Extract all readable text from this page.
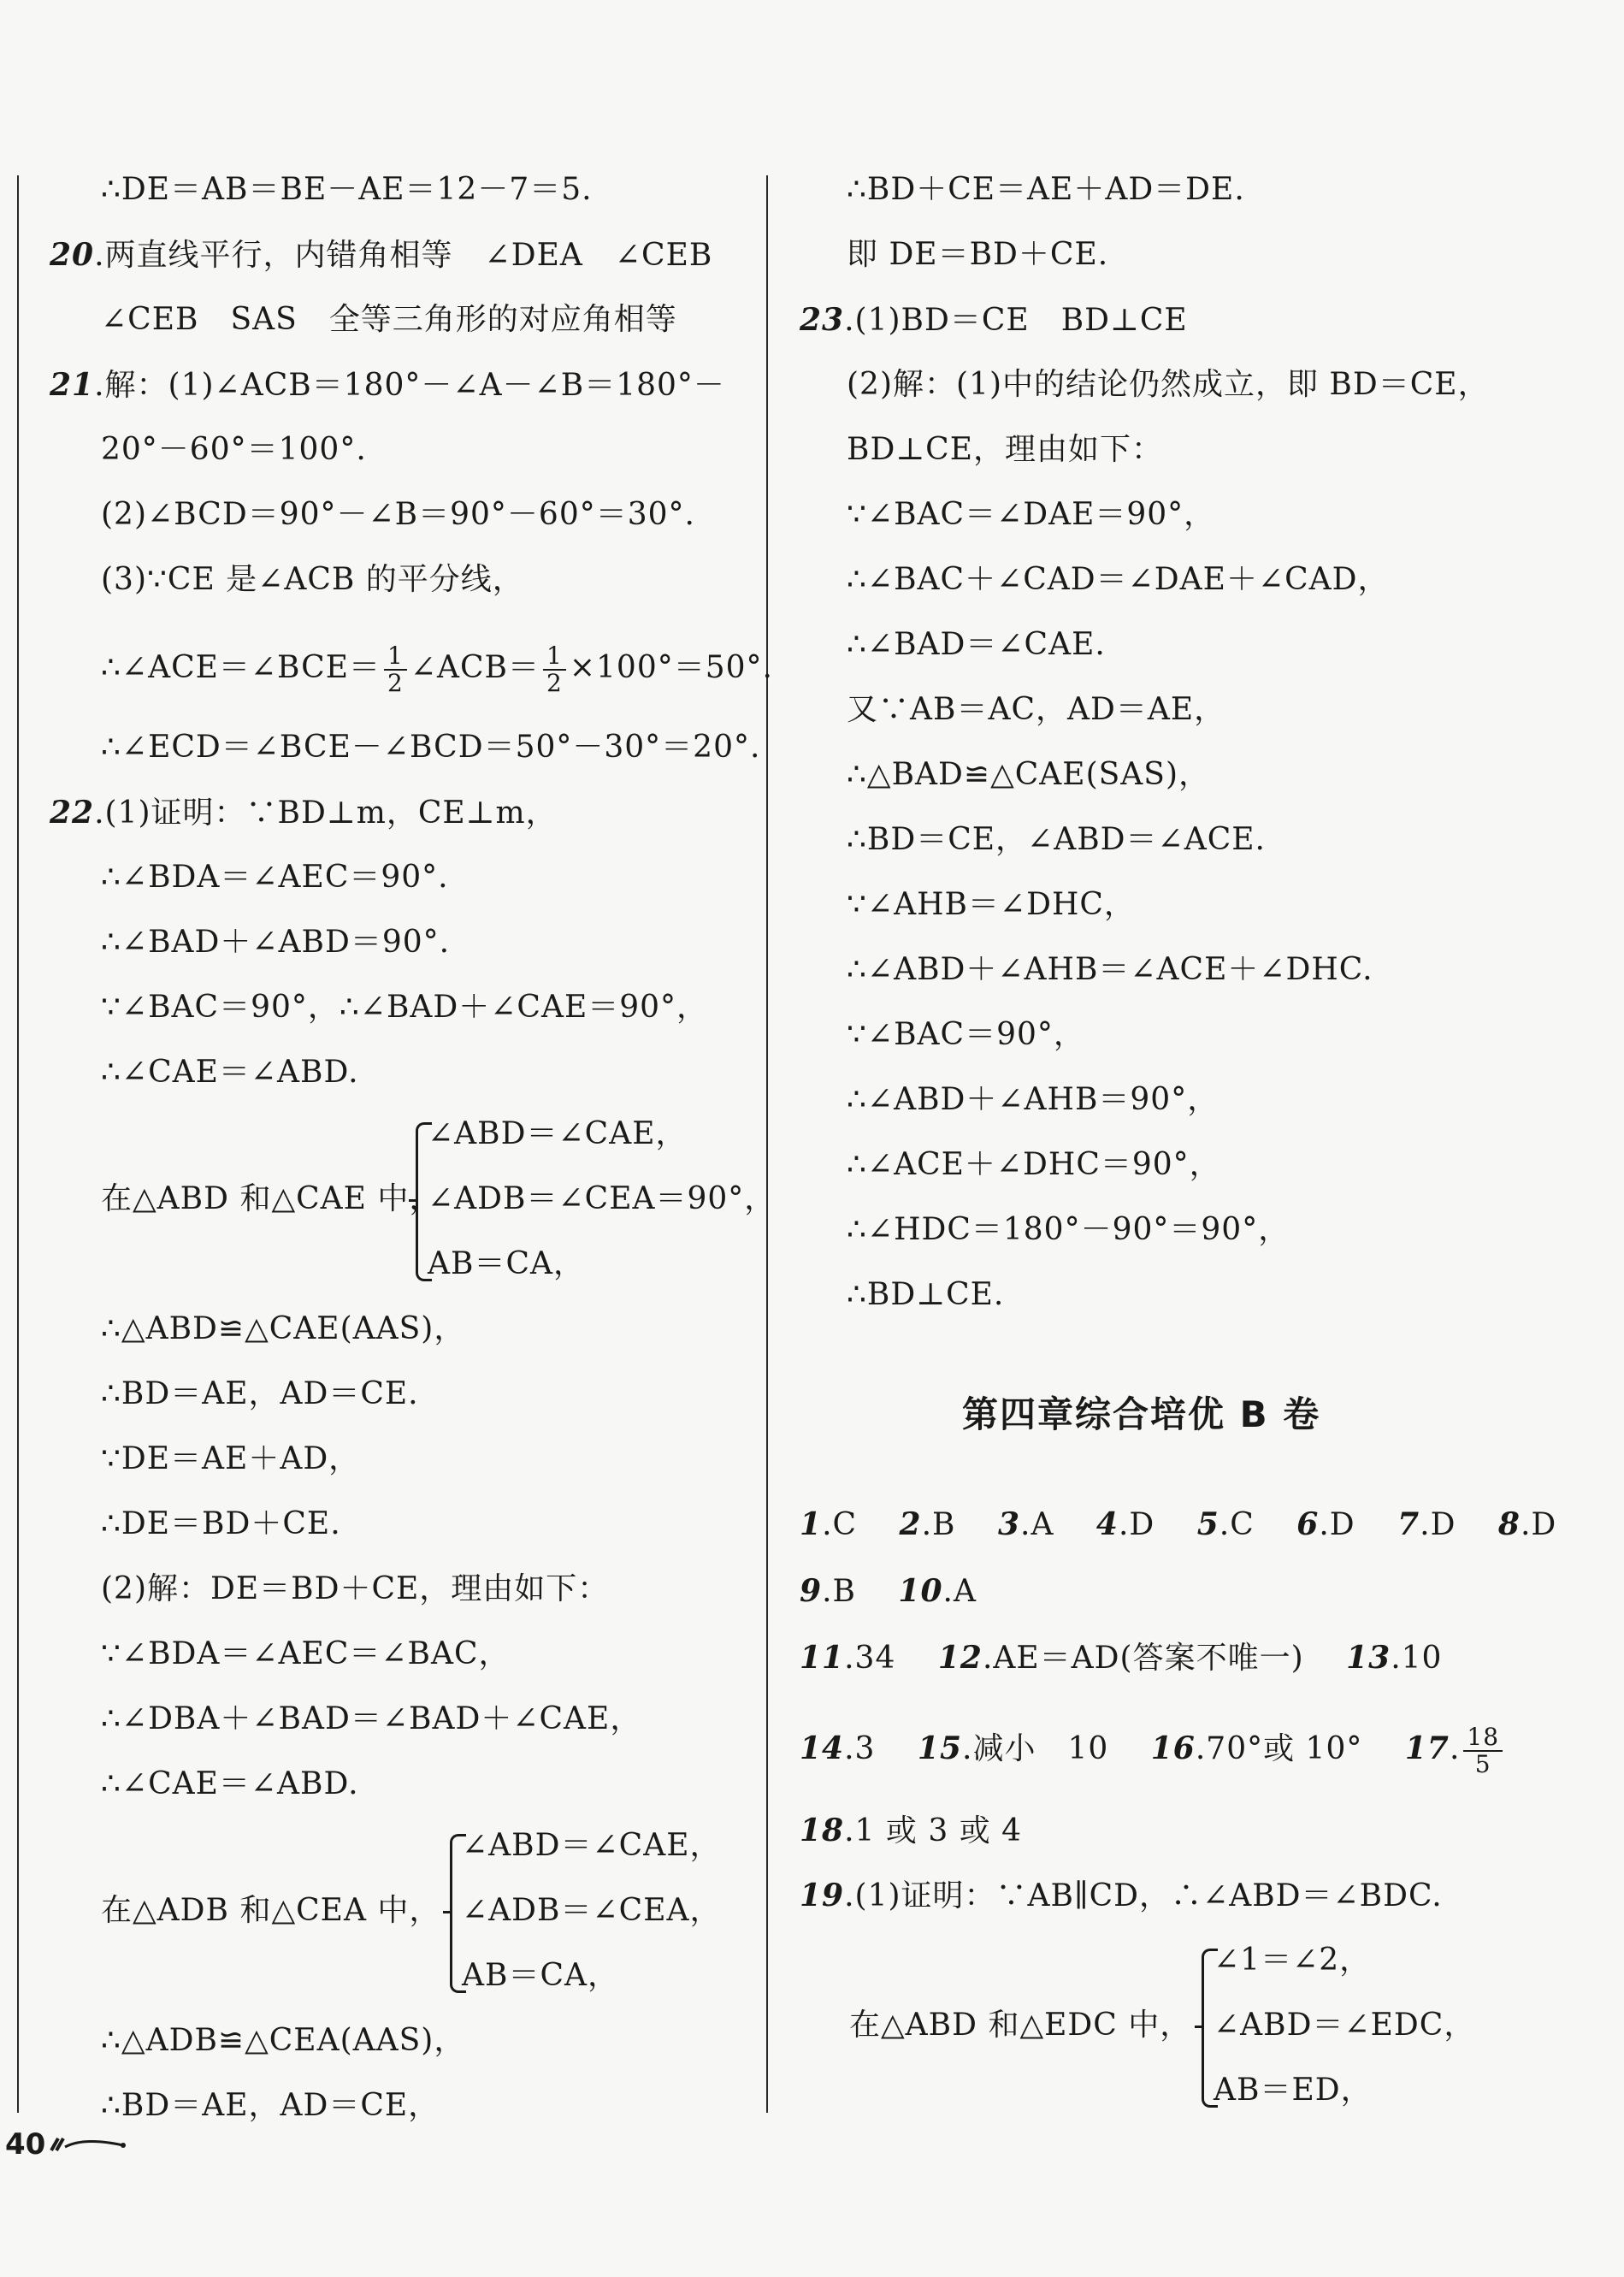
∴DE＝AB＝BE－AE＝12－7＝5.
20.两直线平行，内错角相等　∠DEA　∠CEB
∠CEB　SAS　全等三角形的对应角相等
21.解：(1)∠ACB＝180°－∠A－∠B＝180°－
20°－60°＝100°.
(2)∠BCD＝90°－∠B＝90°－60°＝30°.
(3)∵CE 是∠ACB 的平分线，
∴∠ACE＝∠BCE＝ $\frac{1}{2}$ ∠ACB＝ $\frac{1}{2} \times 100^\circ=50^\circ$.
∴∠ECD＝∠BCE－∠BCD＝50°－30°＝20°.
22.(1)证明：∵BD⊥m，CE⊥m，
∴∠BDA＝∠AEC＝90°.
∴∠BAD＋∠ABD＝90°.
∵∠BAC＝90°，∴∠BAD＋∠CAE＝90°，
∴∠CAE＝∠ABD.
在△ABD 和△CAE 中，
∠ABD＝∠CAE，
∠ADB＝∠CEA＝90°，
AB＝CA，
∴△ABD≌△CAE(AAS)，
∴BD＝AE，AD＝CE.
∵DE＝AE＋AD，
∴DE＝BD＋CE.
(2)解：DE＝BD＋CE，理由如下：
∵∠BDA＝∠AEC＝∠BAC，
∴∠DBA＋∠BAD＝∠BAD＋∠CAE，
∴∠CAE＝∠ABD.
在△ADB 和△CEA 中，
∠ABD＝∠CAE，
∠ADB＝∠CEA，
AB＝CA，
∴△ADB≌△CEA(AAS)，
∴BD＝AE，AD＝CE，
∴BD＋CE＝AE＋AD＝DE.
即 DE＝BD＋CE.
23.(1)BD＝CE　BD⊥CE
(2)解：(1)中的结论仍然成立，即 BD＝CE，
BD⊥CE，理由如下：
∵∠BAC＝∠DAE＝90°，
∴∠BAC＋∠CAD＝∠DAE＋∠CAD，
∴∠BAD＝∠CAE.
又∵AB＝AC，AD＝AE，
∴△BAD≌△CAE(SAS)，
∴BD＝CE，∠ABD＝∠ACE.
∵∠AHB＝∠DHC，
∴∠ABD＋∠AHB＝∠ACE＋∠DHC.
∵∠BAC＝90°，
∴∠ABD＋∠AHB＝90°，
∴∠ACE＋∠DHC＝90°，
∴∠HDC＝180°－90°＝90°，
∴BD⊥CE.
第四章综合培优 B 卷
1.C  2.B  3.A  4.D  5.C  6.D  7.D  8.D
9.B  10.A
11.34  12.AE＝AD(答案不唯一)  13.10
14.3  15.减小　10  16.70°或 10°  17. $\frac{18}{5}$
18.1 或 3 或 4
19.(1)证明：∵AB∥CD，∴∠ABD＝∠BDC.
在△ABD 和△EDC 中，
∠1＝∠2，
∠ABD＝∠EDC，
AB＝ED，
40
